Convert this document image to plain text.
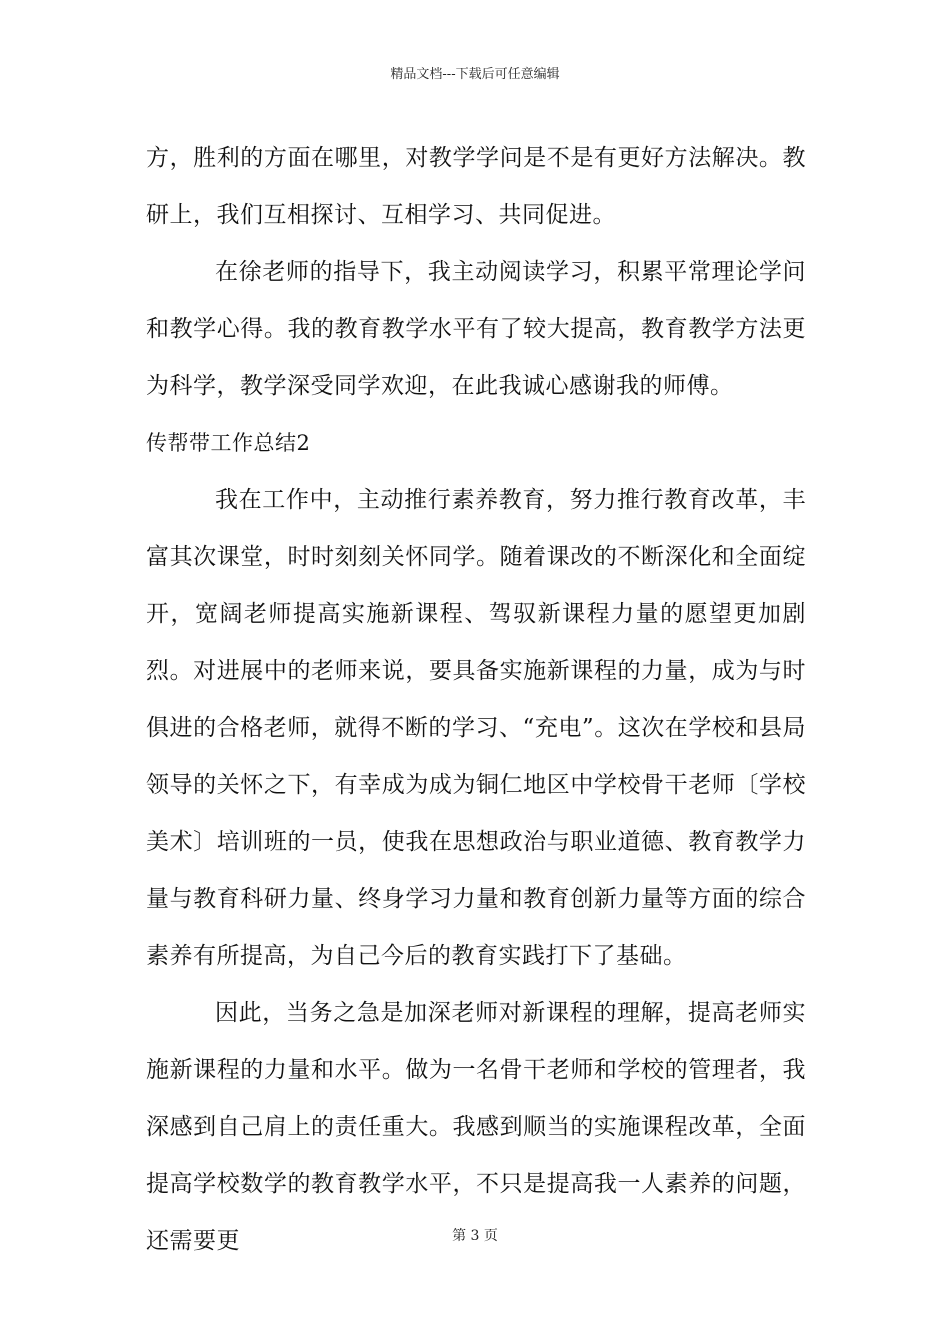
精品文档---下载后可任意编辑

方，胜利的方面在哪里，对教学学问是不是有更好方法解决。教研上，我们互相探讨、互相学习、共同促进。

在徐老师的指导下，我主动阅读学习，积累平常理论学问和教学心得。我的教育教学水平有了较大提高，教育教学方法更为科学，教学深受同学欢迎，在此我诚心感谢我的师傅。

传帮带工作总结2

我在工作中，主动推行素养教育，努力推行教育改革，丰富其次课堂，时时刻刻关怀同学。随着课改的不断深化和全面绽开，宽阔老师提高实施新课程、驾驭新课程力量的愿望更加剧烈。对进展中的老师来说，要具备实施新课程的力量，成为与时俱进的合格老师，就得不断的学习、“充电”。这次在学校和县局领导的关怀之下，有幸成为成为铜仁地区中学校骨干老师〔学校美术〕培训班的一员，使我在思想政治与职业道德、教育教学力量与教育科研力量、终身学习力量和教育创新力量等方面的综合素养有所提高，为自己今后的教育实践打下了基础。

因此，当务之急是加深老师对新课程的理解，提高老师实施新课程的力量和水平。做为一名骨干老师和学校的管理者，我深感到自己肩上的责任重大。我感到顺当的实施课程改革，全面提高学校数学的教育教学水平，不只是提高我一人素养的问题，还需要更	第 3 页
